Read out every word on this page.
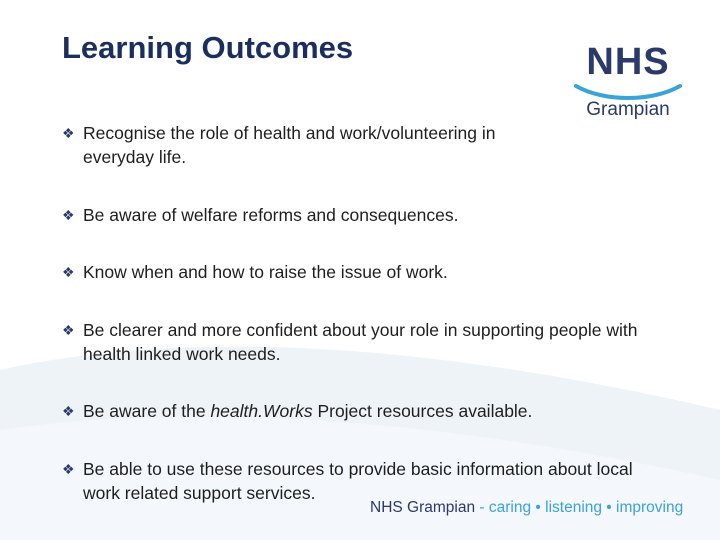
Learning Outcomes	NHS
Grampian
❖ Recognise the role of health and work/volunteering in everyday life.
❖ Be aware of welfare reforms and consequences.
❖ Know when and how to raise the issue of work.
❖ Be clearer and more confident about your role in supporting people with health linked work needs.
❖ Be aware of the health.Works Project resources available.
❖ Be able to use these resources to provide basic information about local work related support services.
NHS Grampian - caring • listening • improving
